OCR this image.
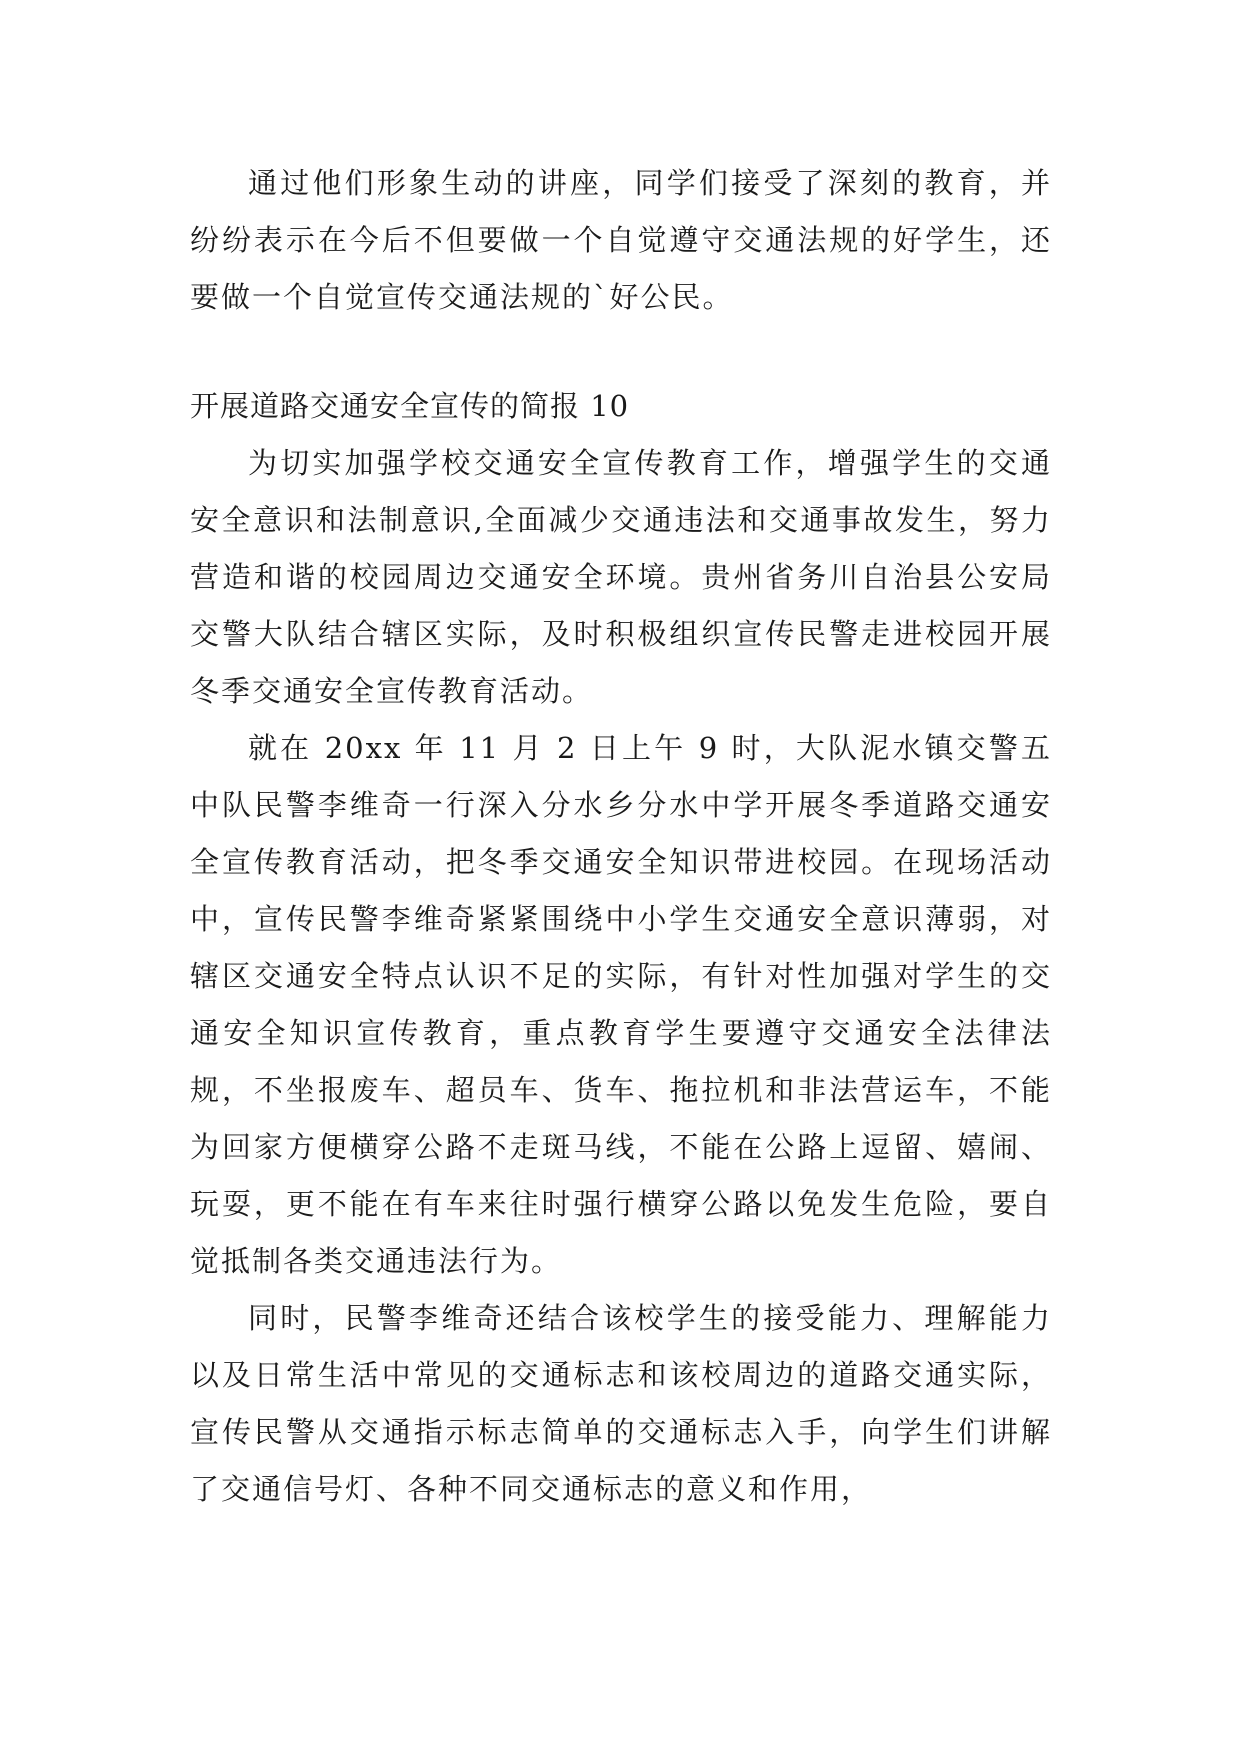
通过他们形象生动的讲座，同学们接受了深刻的教育，并纷纷表示在今后不但要做一个自觉遵守交通法规的好学生，还要做一个自觉宣传交通法规的`好公民。

开展道路交通安全宣传的简报 10

为切实加强学校交通安全宣传教育工作，增强学生的交通安全意识和法制意识,全面减少交通违法和交通事故发生，努力营造和谐的校园周边交通安全环境。贵州省务川自治县公安局交警大队结合辖区实际，及时积极组织宣传民警走进校园开展冬季交通安全宣传教育活动。

就在 20xx 年 11 月 2 日上午 9 时，大队泥水镇交警五中队民警李维奇一行深入分水乡分水中学开展冬季道路交通安全宣传教育活动，把冬季交通安全知识带进校园。在现场活动中，宣传民警李维奇紧紧围绕中小学生交通安全意识薄弱，对辖区交通安全特点认识不足的实际，有针对性加强对学生的交通安全知识宣传教育，重点教育学生要遵守交通安全法律法规，不坐报废车、超员车、货车、拖拉机和非法营运车，不能为回家方便横穿公路不走斑马线，不能在公路上逗留、嬉闹、玩耍，更不能在有车来往时强行横穿公路以免发生危险，要自觉抵制各类交通违法行为。

同时，民警李维奇还结合该校学生的接受能力、理解能力以及日常生活中常见的交通标志和该校周边的道路交通实际，宣传民警从交通指示标志简单的交通标志入手，向学生们讲解了交通信号灯、各种不同交通标志的意义和作用，
